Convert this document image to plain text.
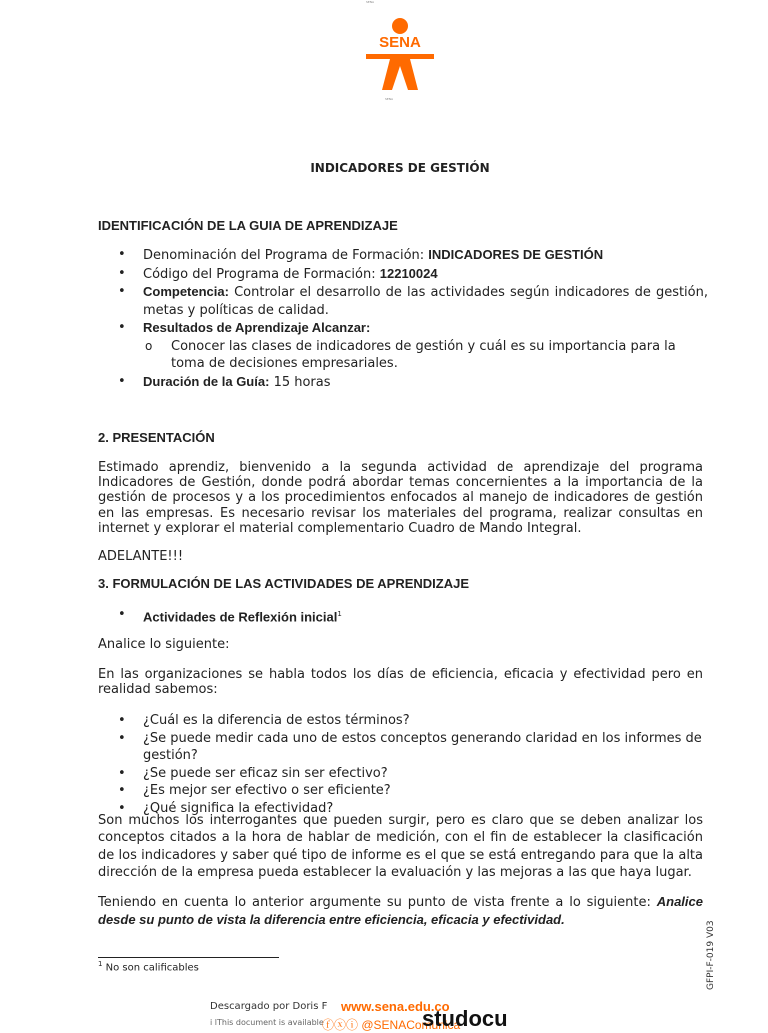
SENA
SENA
SENA
INDICADORES DE GESTIÓN
IDENTIFICACIÓN DE LA GUIA DE APRENDIZAJE
• Denominación del Programa de Formación: INDICADORES DE GESTIÓN
• Código del Programa de Formación: 12210024
• Competencia: Controlar el desarrollo de las actividades según indicadores de gestión, metas y políticas de calidad.
• Resultados de Aprendizaje Alcanzar:
o Conocer las clases de indicadores de gestión y cuál es su importancia para la toma de decisiones empresariales.
• Duración de la Guía: 15 horas
2. PRESENTACIÓN

Estimado aprendiz, bienvenido a la segunda actividad de aprendizaje del programa Indicadores de Gestión, donde podrá abordar temas concernientes a la importancia de la gestión de procesos y a los procedimientos enfocados al manejo de indicadores de gestión en las empresas. Es necesario revisar los materiales del programa, realizar consultas en internet y explorar el material complementario Cuadro de Mando Integral.

ADELANTE!!!

3. FORMULACIÓN DE LAS ACTIVIDADES DE APRENDIZAJE
• Actividades de Reflexión inicial$^1$

Analice lo siguiente:

En las organizaciones se habla todos los días de eficiencia, eficacia y efectividad pero en realidad sabemos:

• ¿Cuál es la diferencia de estos términos?
• ¿Se puede medir cada uno de estos conceptos generando claridad en los informes de gestión?
• ¿Se puede ser eficaz sin ser efectivo?
• ¿Es mejor ser efectivo o ser eficiente?
• ¿Qué significa la efectividad?

Son muchos los interrogantes que pueden surgir, pero es claro que se deben analizar los conceptos citados a la hora de hablar de medición, con el fin de establecer la clasificación de los indicadores y saber qué tipo de informe es el que se está entregando para que la alta dirección de la empresa pueda establecer la evaluación y las mejoras a las que haya lugar.

Teniendo en cuenta lo anterior argumente su punto de vista frente a lo siguiente: Analice desde su punto de vista la diferencia entre eficiencia, eficacia y efectividad.

$^1$ No son calificables	GFPI-F-019 V03
Descargado por Doris F www.sena.edu.co
i lThis document is available
ⓕⓧⓘ @SENAComunica
studocu
